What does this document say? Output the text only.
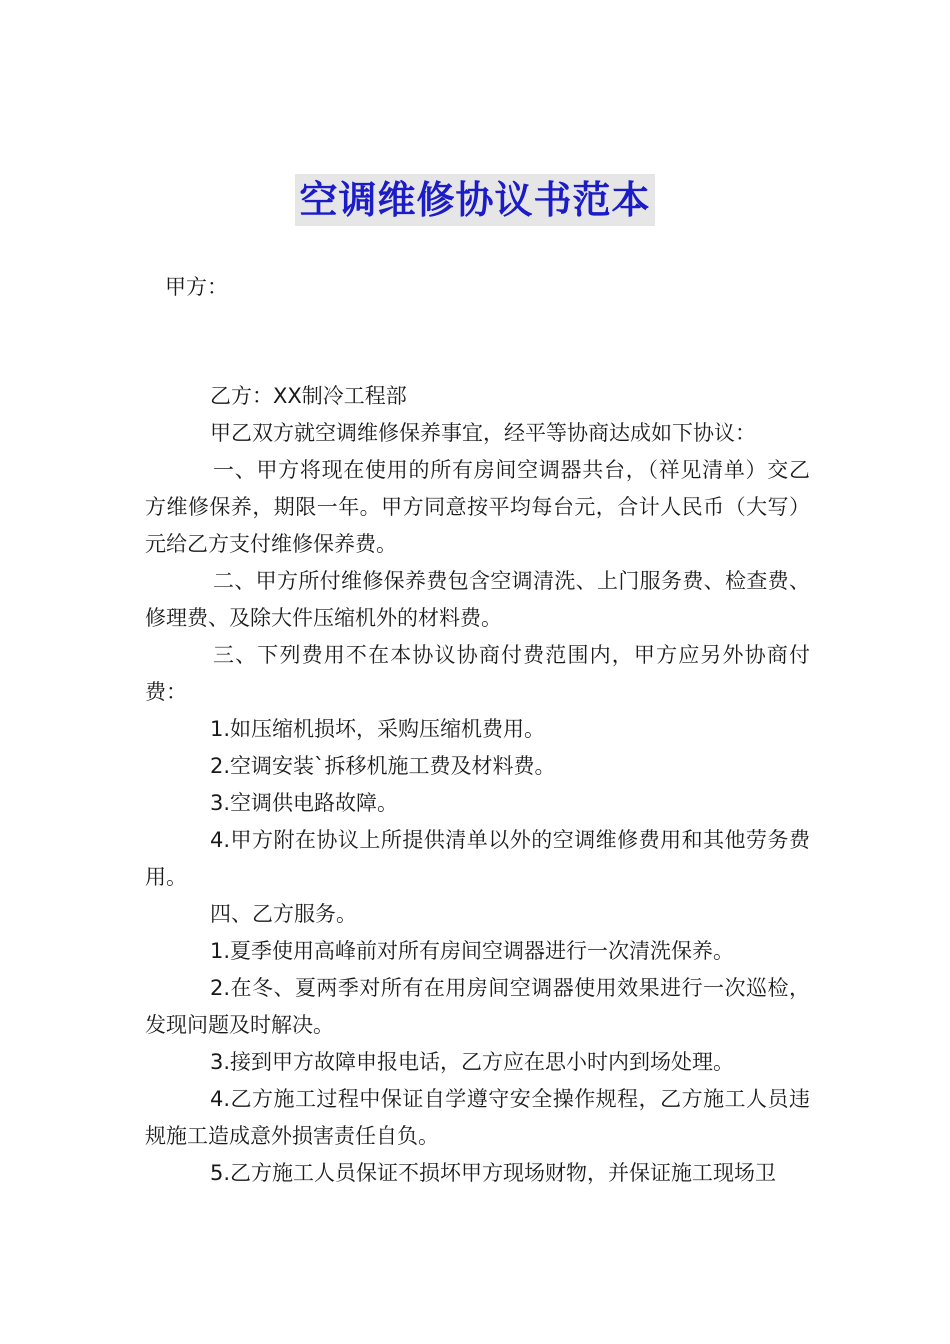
空调维修协议书范本
甲方：

乙方：XX制冷工程部

甲乙双方就空调维修保养事宜，经平等协商达成如下协议：

一、甲方将现在使用的所有房间空调器共台，（祥见清单）交乙方维修保养，期限一年。甲方同意按平均每台元，合计人民币（大写）元给乙方支付维修保养费。

二、甲方所付维修保养费包含空调清洗、上门服务费、检查费、修理费、及除大件压缩机外的材料费。

三、下列费用不在本协议协商付费范围内，甲方应另外协商付费：

1.如压缩机损坏，采购压缩机费用。

2.空调安装`拆移机施工费及材料费。

3.空调供电路故障。

4.甲方附在协议上所提供清单以外的空调维修费用和其他劳务费用。

四、乙方服务。

1.夏季使用高峰前对所有房间空调器进行一次清洗保养。

2.在冬、夏两季对所有在用房间空调器使用效果进行一次巡检，发现问题及时解决。

3.接到甲方故障申报电话，乙方应在思小时内到场处理。

4.乙方施工过程中保证自学遵守安全操作规程，乙方施工人员违规施工造成意外损害责任自负。

5.乙方施工人员保证不损坏甲方现场财物，并保证施工现场卫
